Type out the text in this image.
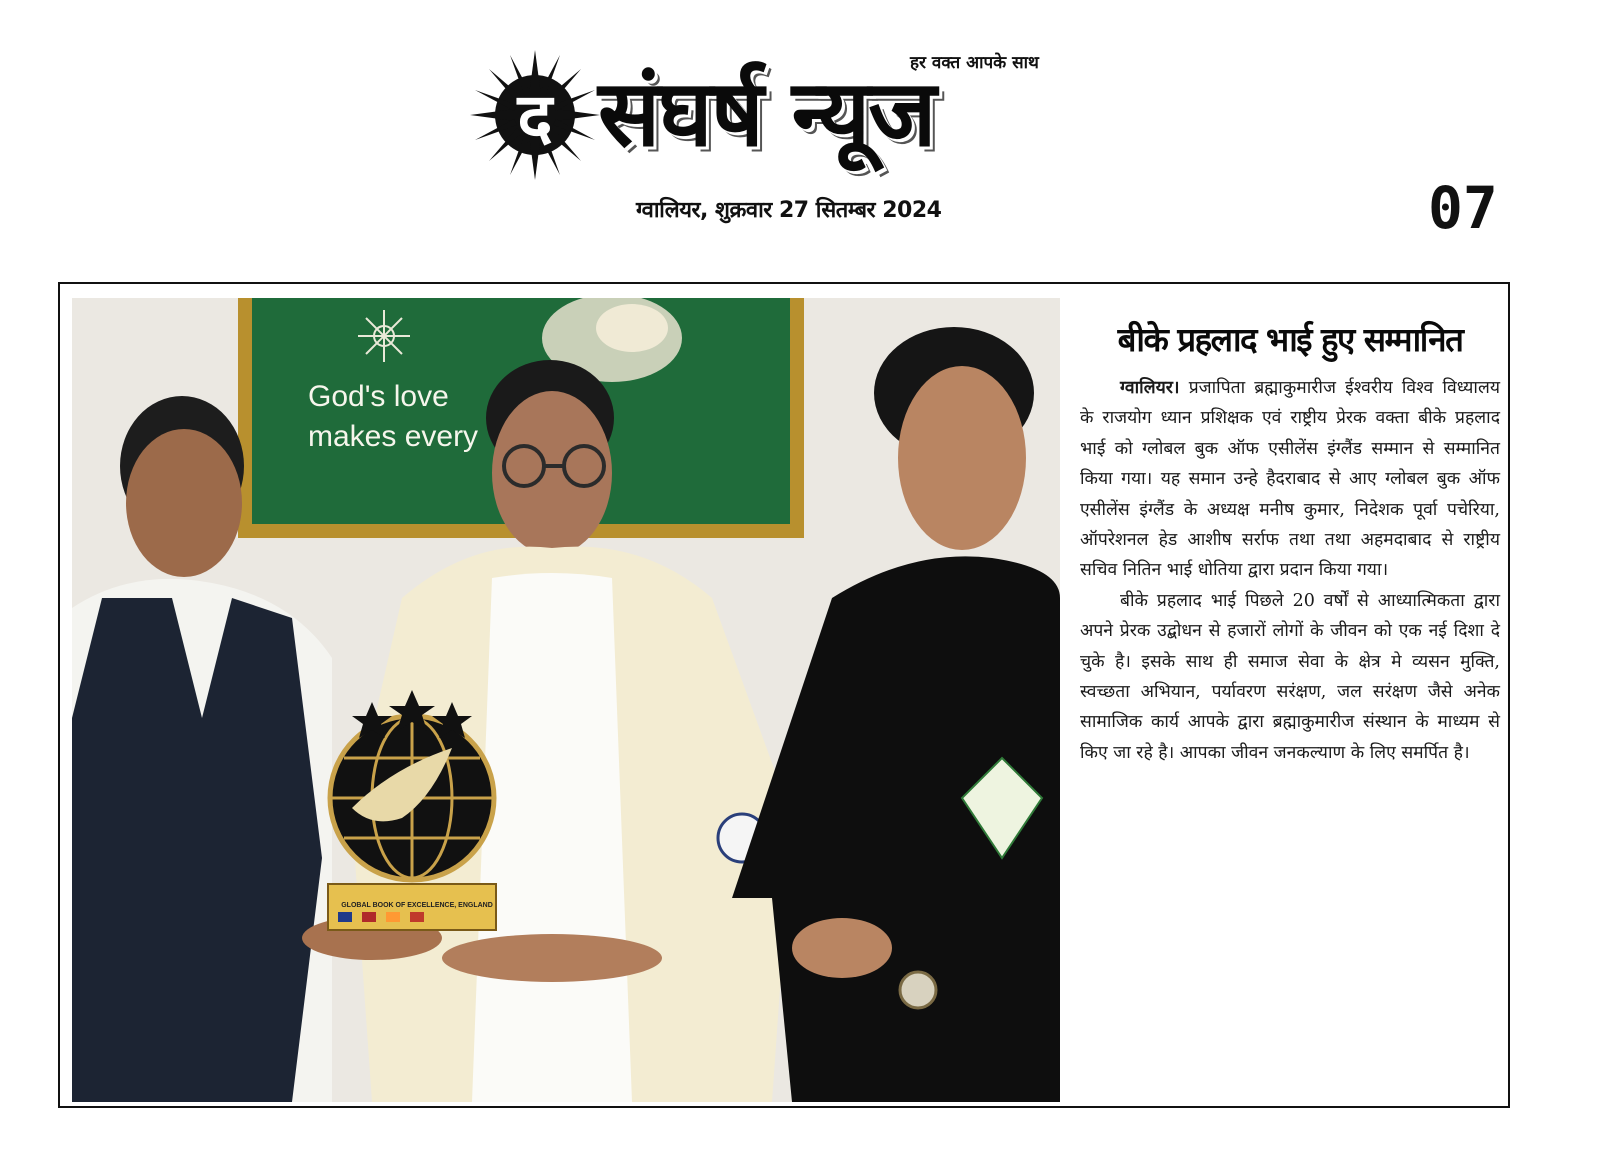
द संघर्ष न्यूज
हर वक्त आपके साथ
ग्वालियर, शुक्रवार 27 सितम्बर 2024	07
God's love
makes every
GLOBAL BOOK OF EXCELLENCE, ENGLAND
बीके प्रहलाद भाई हुए सम्मानित

ग्वालियर। प्रजापिता ब्रह्माकुमारीज ईश्वरीय विश्व विध्यालय के राजयोग ध्यान प्रशिक्षक एवं राष्ट्रीय प्रेरक वक्ता बीके प्रहलाद भाई को ग्लोबल बुक ऑफ एसीलेंस इंग्लैंड सम्मान से सम्मानित किया गया। यह समान उन्हे हैदराबाद से आए ग्लोबल बुक ऑफ एसीलेंस इंग्लैंड के अध्यक्ष मनीष कुमार, निदेशक पूर्वा पचेरिया, ऑपरेशनल हेड आशीष सर्राफ तथा तथा अहमदाबाद से राष्ट्रीय सचिव नितिन भाई धोतिया द्वारा प्रदान किया गया।

बीके प्रहलाद भाई पिछले 20 वर्षों से आध्यात्मिकता द्वारा अपने प्रेरक उद्बोधन से हजारों लोगों के जीवन को एक नई दिशा दे चुके है। इसके साथ ही समाज सेवा के क्षेत्र मे व्यसन मुक्ति, स्वच्छता अभियान, पर्यावरण सरंक्षण, जल सरंक्षण जैसे अनेक सामाजिक कार्य आपके द्वारा ब्रह्माकुमारीज संस्थान के माध्यम से किए जा रहे है। आपका जीवन जनकल्याण के लिए समर्पित है।
